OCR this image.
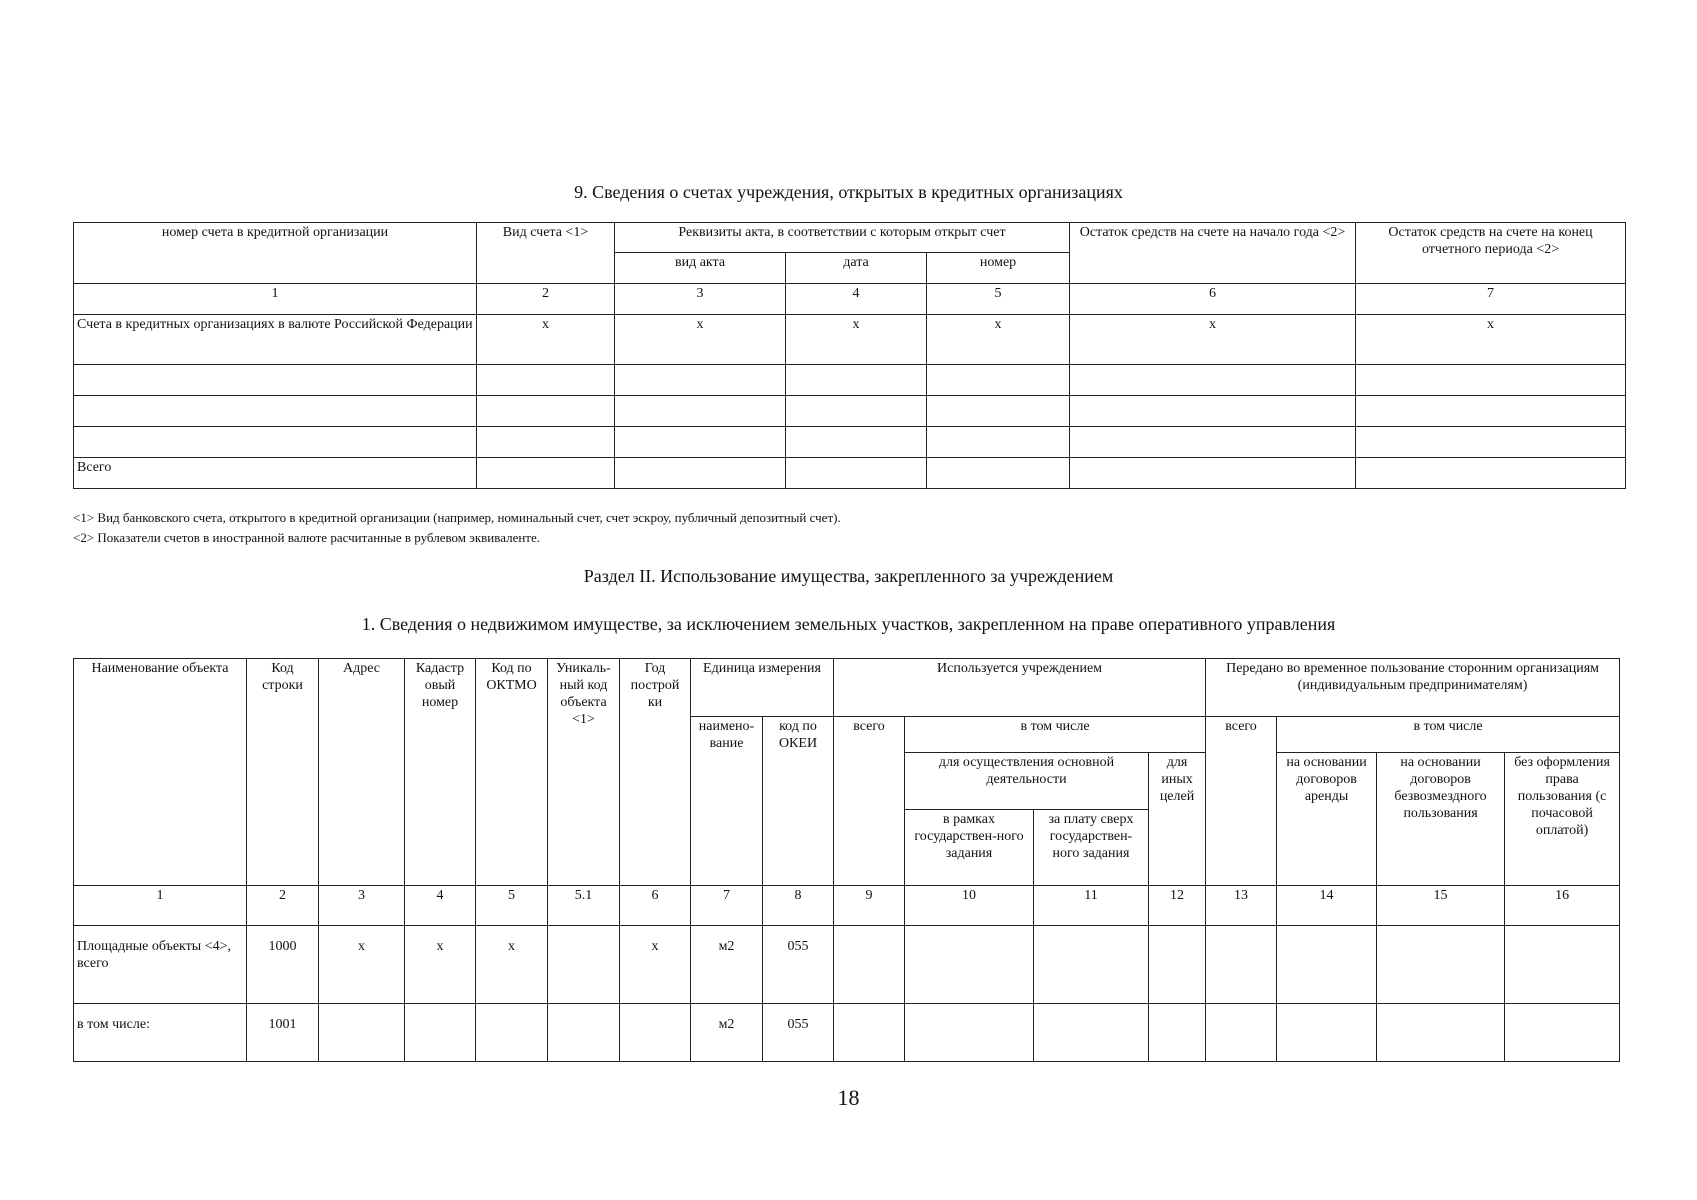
9. Сведения о счетах учреждения, открытых в кредитных организациях
номер счета в кредитной организации	Вид счета <1>	Реквизиты акта, в соответствии с которым открыт счет			Остаток средств на счете на начало года <2>	Остаток средств на счете на конец отчетного периода <2>
		вид акта	дата	номер		
1	2	3	4	5	6	7
Счета в кредитных организациях в валюте Российской Федерации	x	x	x	x	x	x

Всего						
<1> Вид банковского счета, открытого в кредитной организации (например, номинальный счет, счет эскроу, публичный депозитный счет).
<2> Показатели счетов в иностранной валюте расчитанные в рублевом эквиваленте.
Раздел II. Использование имущества, закрепленного за учреждением
1. Сведения о недвижимом имуществе, за исключением земельных участков, закрепленном на праве оперативного управления
Наименование объекта	Код строки	Адрес	Кадастр овый номер	Код по ОКТМО	Уникаль-ный код объекта <1>	Год построй ки	Единица измерения		Используется учреждением				Передано во временное пользование сторонним организациям (индивидуальным предпринимателям)			
							наимено-вание	код по ОКЕИ	всего	в том числе			всего	в том числе		
										для осуществления основной деятельности		для иных целей		на основании договоров аренды	на основании договоров безвозмездного пользования	без оформления права пользования (с почасовой оплатой)
										в рамках государствен-ного задания	за плату сверх государствен-ного задания					
1	2	3	4	5	5.1	6	7	8	9	10	11	12	13	14	15	16
Площадные объекты <4>, всего	1000	x	x	x		x	м2	055								
в том числе:	1001						м2	055								
18
